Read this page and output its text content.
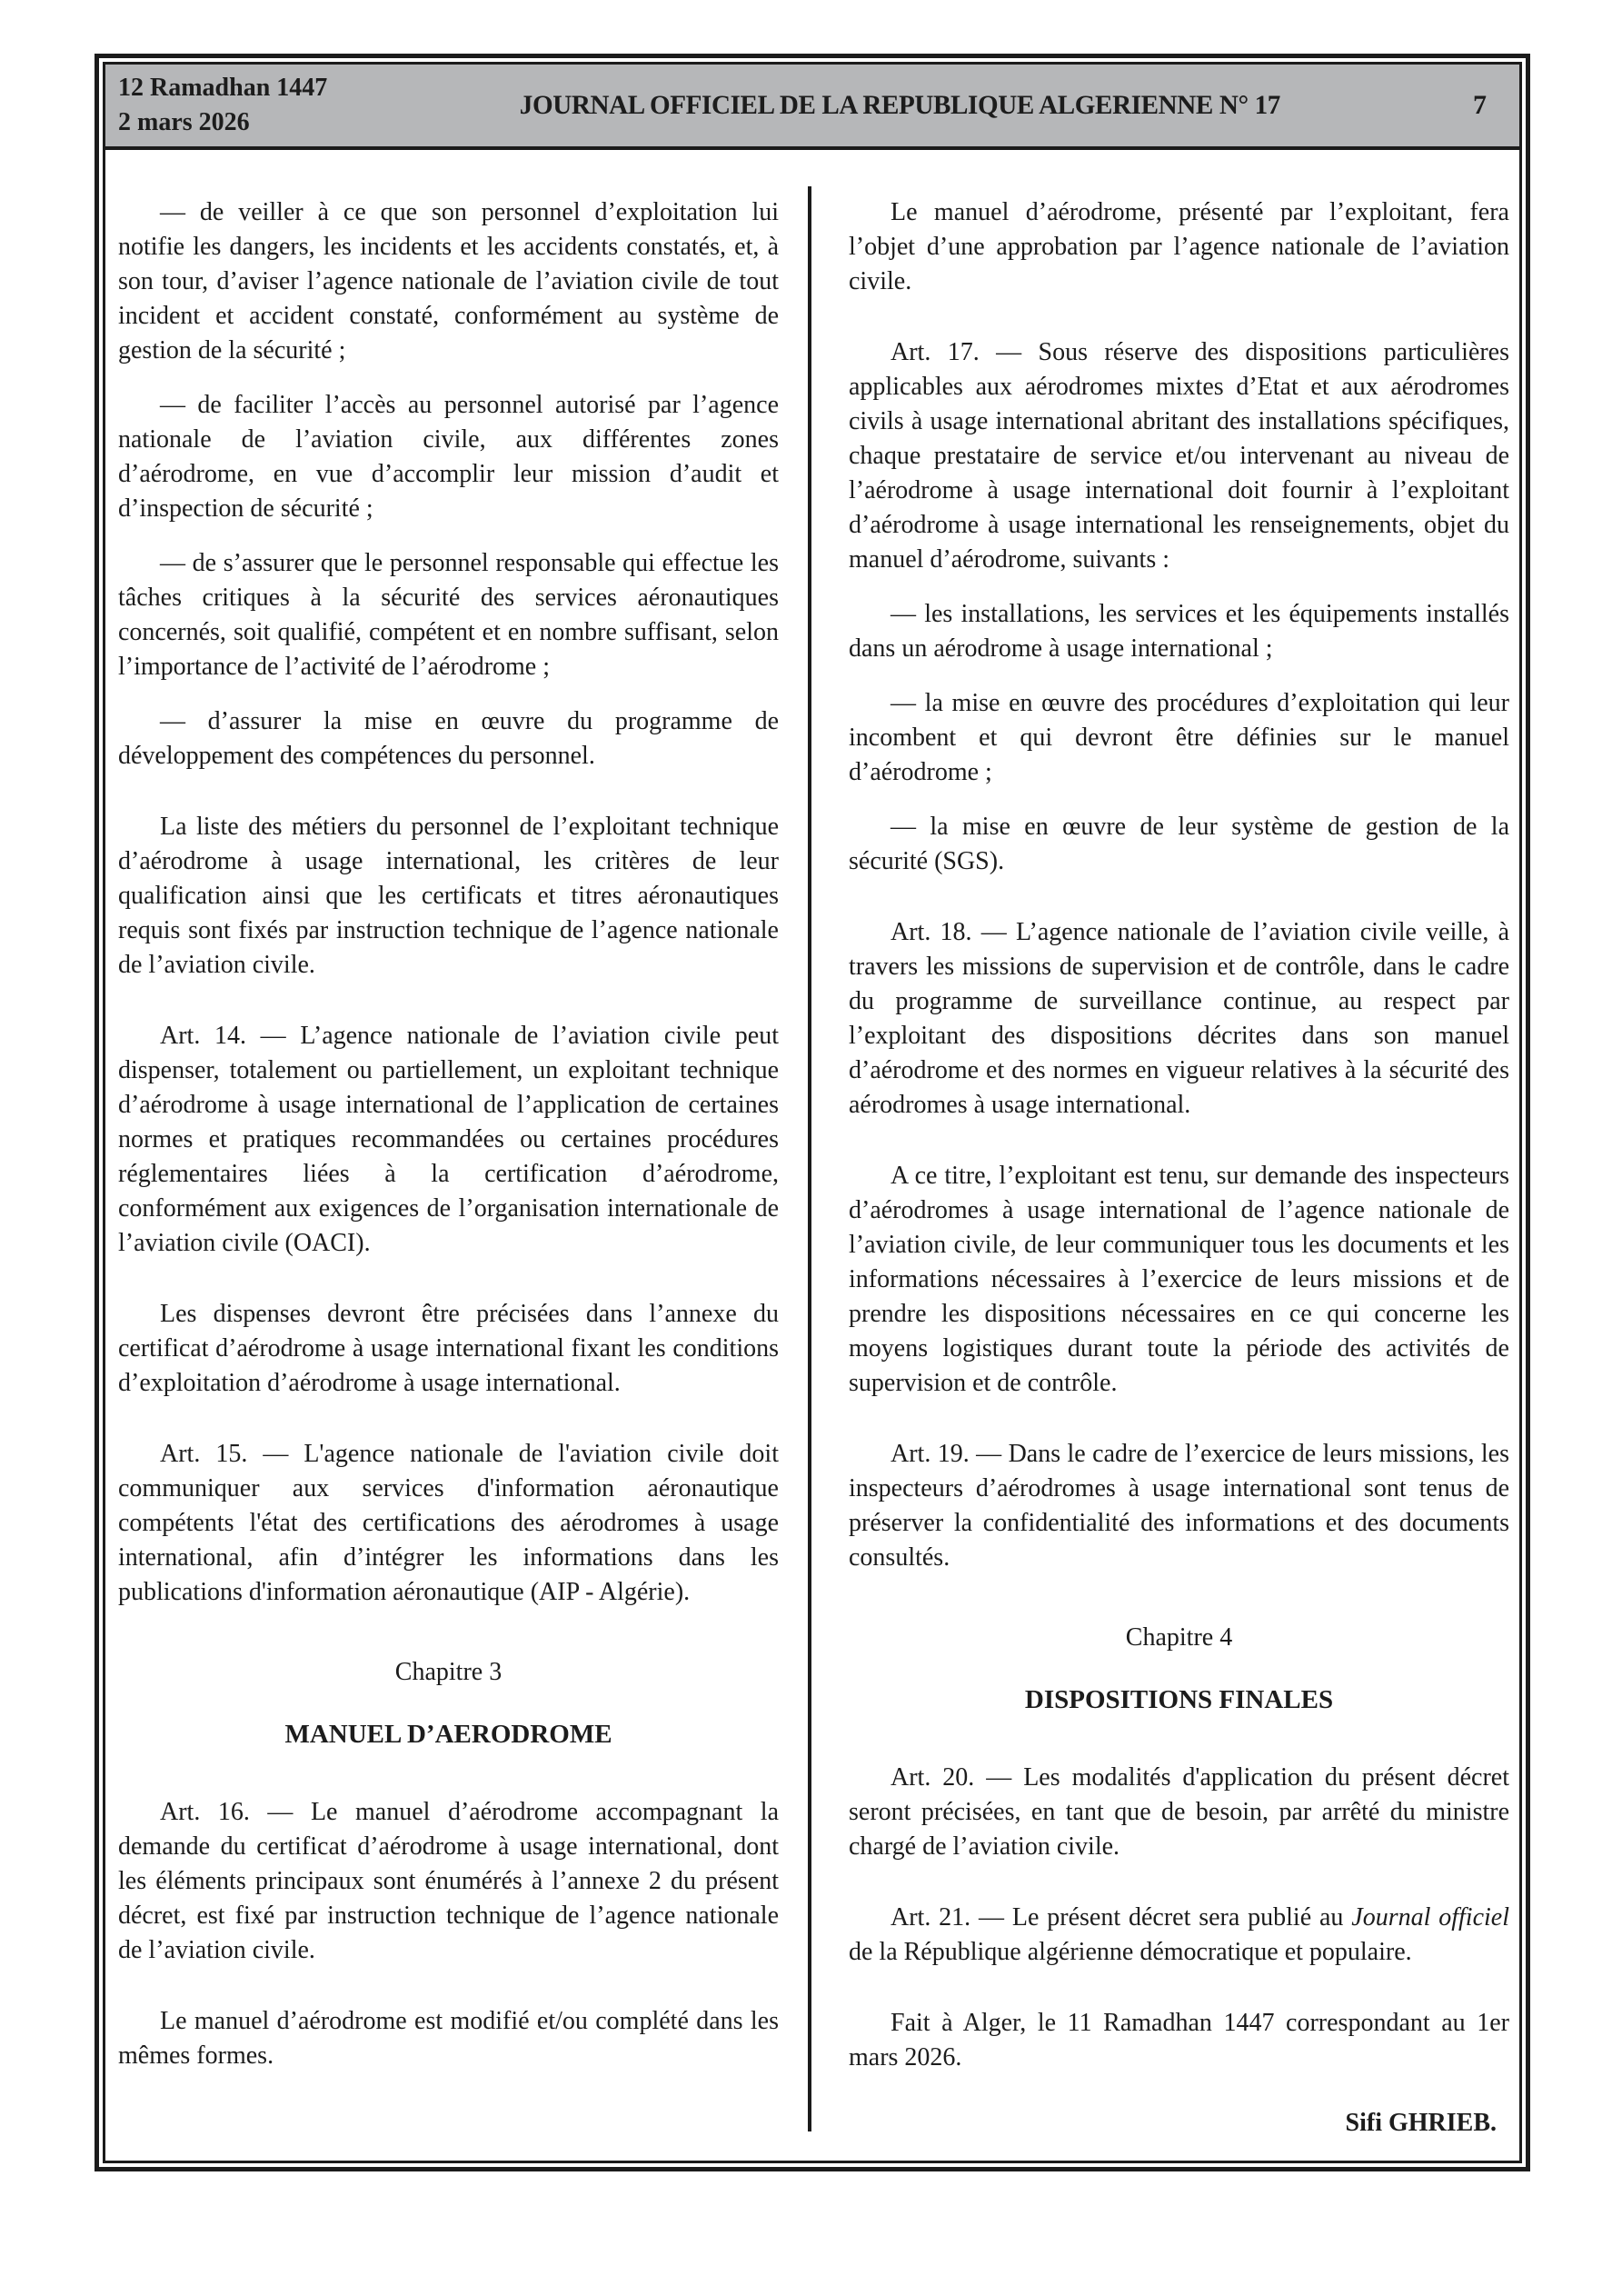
12 Ramadhan 1447
2 mars 2026
JOURNAL OFFICIEL DE LA REPUBLIQUE ALGERIENNE N° 17	7
— de veiller à ce que son personnel d’exploitation lui notifie les dangers, les incidents et les accidents constatés, et, à son tour, d’aviser l’agence nationale de l’aviation civile de tout incident et accident constaté, conformément au système de gestion de la sécurité ;
— de faciliter l’accès au personnel autorisé par l’agence nationale de l’aviation civile, aux différentes zones d’aérodrome, en vue d’accomplir leur mission d’audit et d’inspection de sécurité ;
— de s’assurer que le personnel responsable qui effectue les tâches critiques à la sécurité des services aéronautiques concernés, soit qualifié, compétent et en nombre suffisant, selon l’importance de l’activité de l’aérodrome ;
— d’assurer la mise en œuvre du programme de développement des compétences du personnel.
La liste des métiers du personnel de l’exploitant technique d’aérodrome à usage international, les critères de leur qualification ainsi que les certificats et titres aéronautiques requis sont fixés par instruction technique de l’agence nationale de l’aviation civile.
Art. 14. — L’agence nationale de l’aviation civile peut dispenser, totalement ou partiellement, un exploitant technique d’aérodrome à usage international de l’application de certaines normes et pratiques recommandées ou certaines procédures réglementaires liées à la certification d’aérodrome, conformément aux exigences de l’organisation internationale de l’aviation civile (OACI).
Les dispenses devront être précisées dans l’annexe du certificat d’aérodrome à usage international fixant les conditions d’exploitation d’aérodrome à usage international.
Art. 15. — L'agence nationale de l'aviation civile doit communiquer aux services d'information aéronautique compétents l'état des certifications des aérodromes à usage international, afin d’intégrer les informations dans les publications d'information aéronautique (AIP - Algérie).
Chapitre 3
MANUEL D’AERODROME
Art. 16. — Le manuel d’aérodrome accompagnant la demande du certificat d’aérodrome à usage international, dont les éléments principaux sont énumérés à l’annexe 2 du présent décret, est fixé par instruction technique de l’agence nationale de l’aviation civile.
Le manuel d’aérodrome est modifié et/ou complété dans les mêmes formes.
Le manuel d’aérodrome, présenté par l’exploitant, fera l’objet d’une approbation par l’agence nationale de l’aviation civile.
Art. 17. — Sous réserve des dispositions particulières applicables aux aérodromes mixtes d’Etat et aux aérodromes civils à usage international abritant des installations spécifiques, chaque prestataire de service et/ou intervenant au niveau de l’aérodrome à usage international doit fournir à l’exploitant d’aérodrome à usage international les renseignements, objet du manuel d’aérodrome, suivants :
— les installations, les services et les équipements installés dans un aérodrome à usage international ;
— la mise en œuvre des procédures d’exploitation qui leur incombent et qui devront être définies sur le manuel d’aérodrome ;
— la mise en œuvre de leur système de gestion de la sécurité (SGS).
Art. 18. — L’agence nationale de l’aviation civile veille, à travers les missions de supervision et de contrôle, dans le cadre du programme de surveillance continue, au respect par l’exploitant des dispositions décrites dans son manuel d’aérodrome et des normes en vigueur relatives à la sécurité des aérodromes à usage international.
A ce titre, l’exploitant est tenu, sur demande des inspecteurs d’aérodromes à usage international de l’agence nationale de l’aviation civile, de leur communiquer tous les documents et les informations nécessaires à l’exercice de leurs missions et de prendre les dispositions nécessaires en ce qui concerne les moyens logistiques durant toute la période des activités de supervision et de contrôle.
Art. 19. — Dans le cadre de l’exercice de leurs missions, les inspecteurs d’aérodromes à usage international sont tenus de préserver la confidentialité des informations et des documents consultés.
Chapitre 4
DISPOSITIONS FINALES
Art. 20. — Les modalités d'application du présent décret seront précisées, en tant que de besoin, par arrêté du ministre chargé de l’aviation civile.
Art. 21. — Le présent décret sera publié au Journal officiel de la République algérienne démocratique et populaire.
Fait à Alger, le 11 Ramadhan 1447 correspondant au 1er mars 2026.
Sifi GHRIEB.
